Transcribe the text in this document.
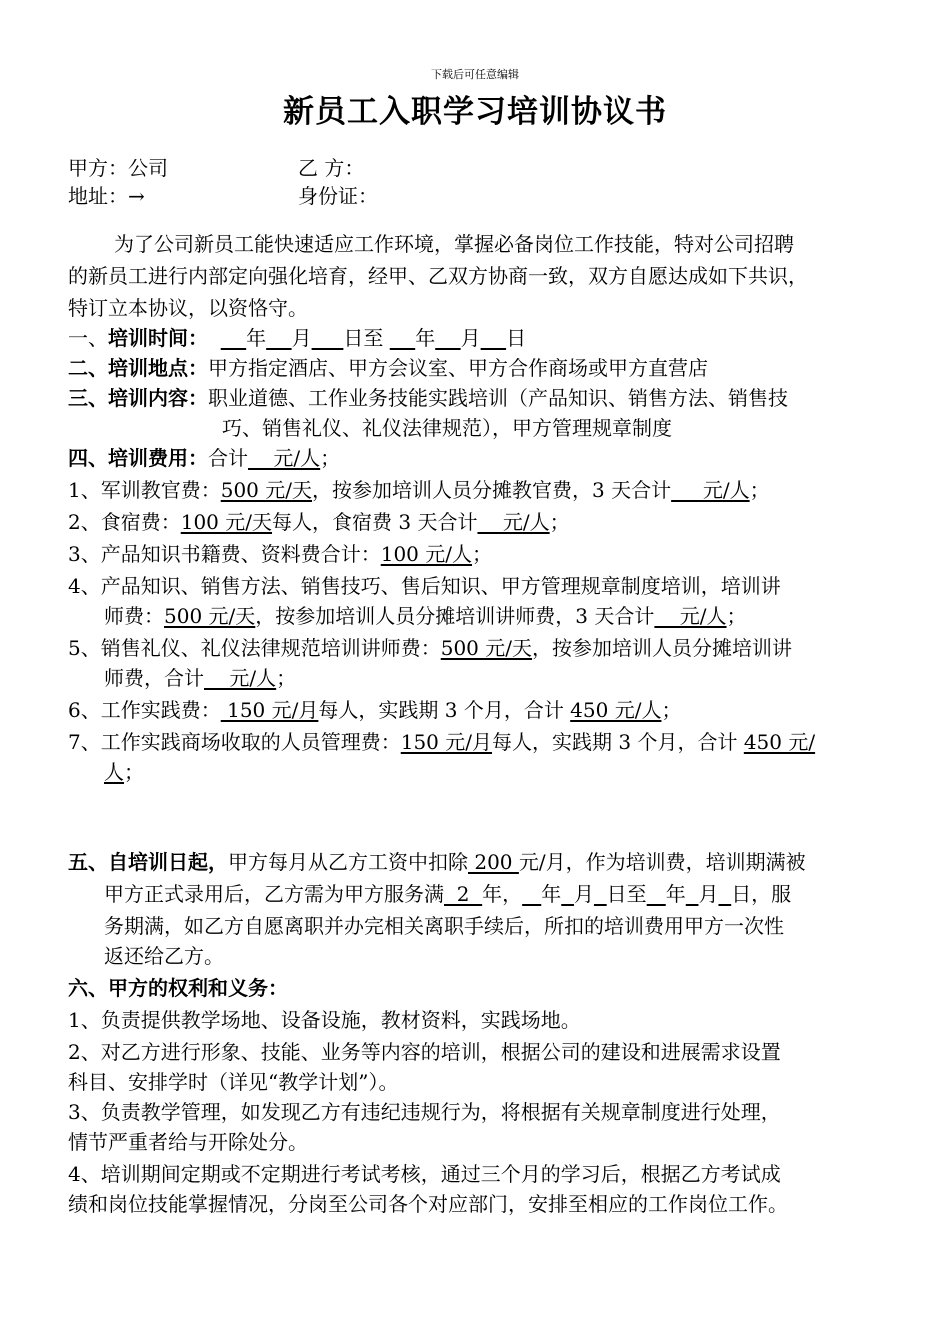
下载后可任意编辑
新员工入职学习培训协议书
甲方：公司	乙 方：
地址：→	身份证：
为了公司新员工能快速适应工作环境，掌握必备岗位工作技能，特对公司招聘
的新员工进行内部定向强化培育，经甲、乙双方协商一致，双方自愿达成如下共识，
特订立本协议，以资恪守。
一、培训时间： 年 月 日至     年 月 日
二、培训地点：甲方指定酒店、甲方会议室、甲方合作商场或甲方直营店
三、培训内容：职业道德、工作业务技能实践培训（产品知识、销售方法、销售技
巧、销售礼仪、礼仪法律规范），甲方管理规章制度
四、培训费用：合计    元/人；
1、军训教官费：500 元/天，按参加培训人员分摊教官费，3 天合计     元/人；
2、食宿费：100 元/天每人，食宿费 3 天合计    元/人；
3、产品知识书籍费、资料费合计：100 元/人；
4、产品知识、销售方法、销售技巧、售后知识、甲方管理规章制度培训，培训讲
师费：500 元/天，按参加培训人员分摊培训讲师费，3 天合计    元/人；
5、销售礼仪、礼仪法律规范培训讲师费：500 元/天，按参加培训人员分摊培训讲
师费，合计    元/人；
6、工作实践费： 150 元/月每人，实践期 3 个月，合计 450 元/人；
7、工作实践商场收取的人员管理费：150 元/月每人，实践期 3 个月，合计 450 元/
人；
五、自培训日起，甲方每月从乙方工资中扣除 200 元/月，作为培训费，培训期满被
甲方正式录用后，乙方需为甲方服务满  2  年， 年 月 日至 年 月 日，服
务期满，如乙方自愿离职并办完相关离职手续后，所扣的培训费用甲方一次性
返还给乙方。
六、甲方的权利和义务：
1、负责提供教学场地、设备设施，教材资料，实践场地。
2、对乙方进行形象、技能、业务等内容的培训，根据公司的建设和进展需求设置
科目、安排学时（详见“教学计划”）。
3、负责教学管理，如发现乙方有违纪违规行为，将根据有关规章制度进行处理，
情节严重者给与开除处分。
4、培训期间定期或不定期进行考试考核，通过三个月的学习后，根据乙方考试成
绩和岗位技能掌握情况，分岗至公司各个对应部门，安排至相应的工作岗位工作。
